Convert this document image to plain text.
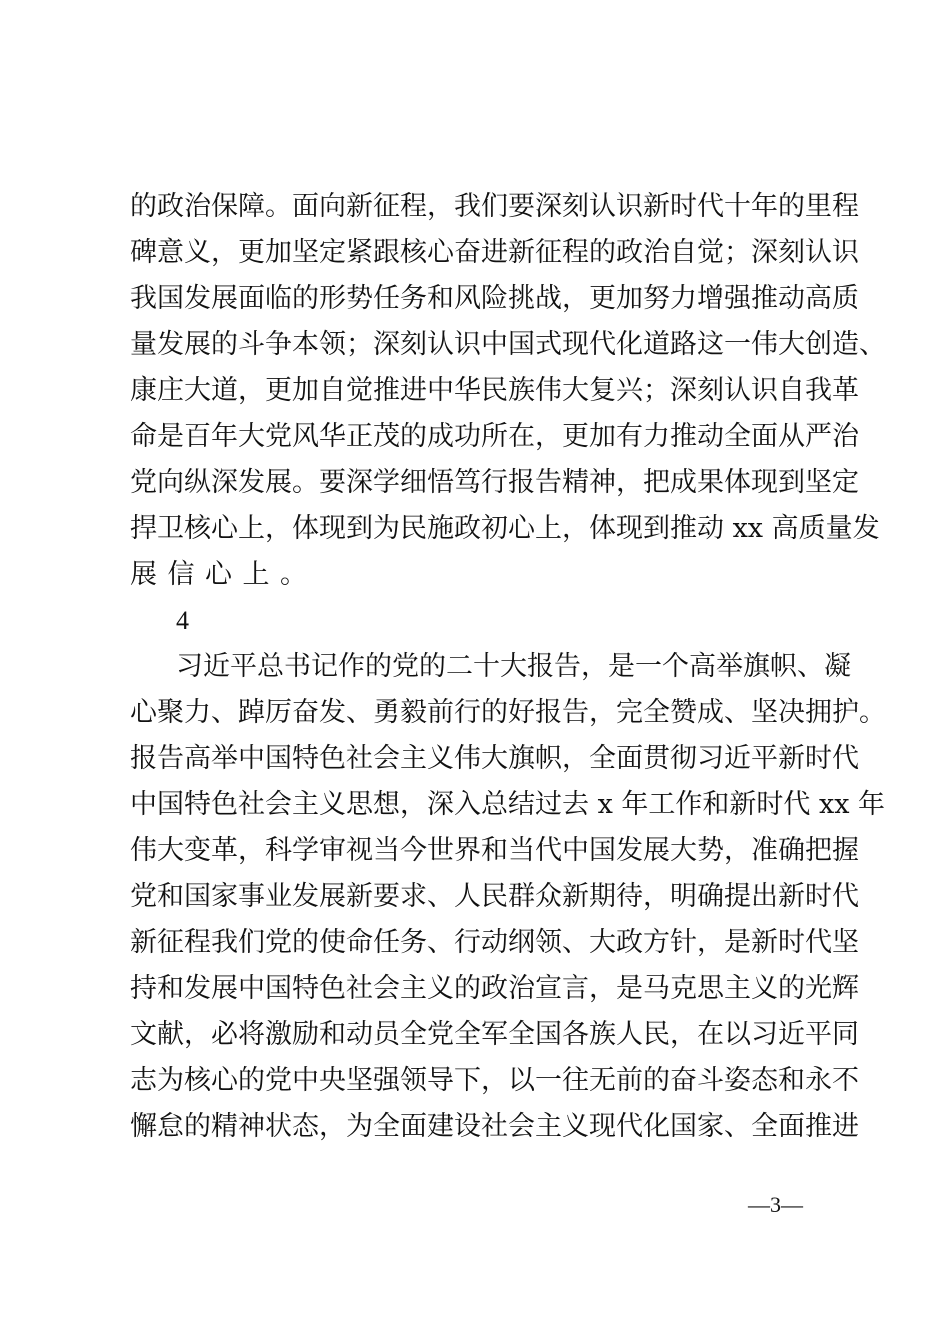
的政治保障。面向新征程，我们要深刻认识新时代十年的里程
碑意义，更加坚定紧跟核心奋进新征程的政治自觉；深刻认识
我国发展面临的形势任务和风险挑战，更加努力增强推动高质
量发展的斗争本领；深刻认识中国式现代化道路这一伟大创造、
康庄大道，更加自觉推进中华民族伟大复兴；深刻认识自我革
命是百年大党风华正茂的成功所在，更加有力推动全面从严治
党向纵深发展。要深学细悟笃行报告精神，把成果体现到坚定
捍卫核心上，体现到为民施政初心上，体现到推动 xx 高质量发
展信心上。
4
习近平总书记作的党的二十大报告，是一个高举旗帜、凝
心聚力、踔厉奋发、勇毅前行的好报告，完全赞成、坚决拥护。
报告高举中国特色社会主义伟大旗帜，全面贯彻习近平新时代
中国特色社会主义思想，深入总结过去 x 年工作和新时代 xx 年
伟大变革，科学审视当今世界和当代中国发展大势，准确把握
党和国家事业发展新要求、人民群众新期待，明确提出新时代
新征程我们党的使命任务、行动纲领、大政方针，是新时代坚
持和发展中国特色社会主义的政治宣言，是马克思主义的光辉
文献，必将激励和动员全党全军全国各族人民，在以习近平同
志为核心的党中央坚强领导下，以一往无前的奋斗姿态和永不
懈怠的精神状态，为全面建设社会主义现代化国家、全面推进
—3—
